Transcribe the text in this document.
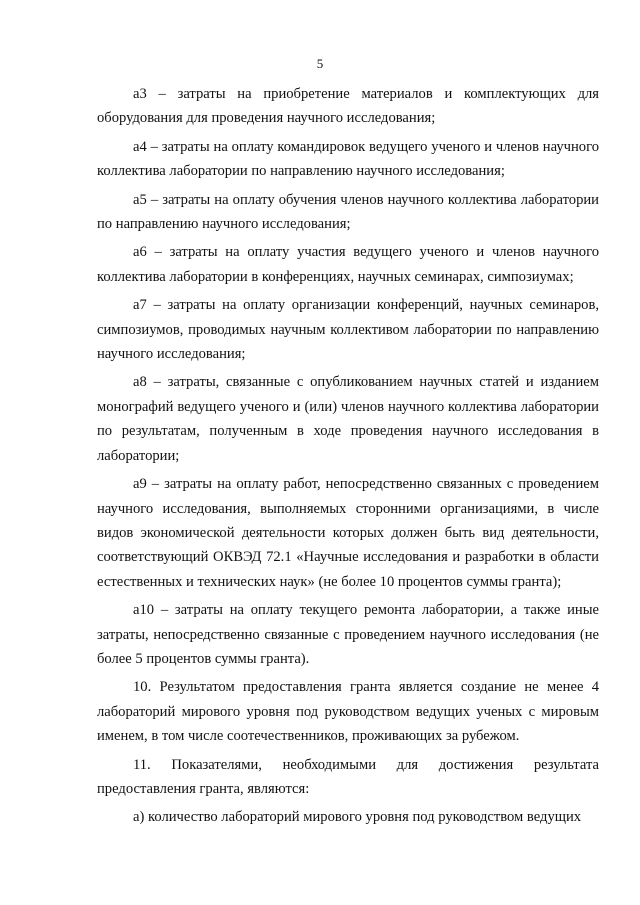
5

а3 – затраты на приобретение материалов и комплектующих для оборудования для проведения научного исследования;

а4 – затраты на оплату командировок ведущего ученого и членов научного коллектива лаборатории по направлению научного исследования;

а5 – затраты на оплату обучения членов научного коллектива лаборатории по направлению научного исследования;

а6 – затраты на оплату участия ведущего ученого и членов научного коллектива лаборатории в конференциях, научных семинарах, симпозиумах;

а7 – затраты на оплату организации конференций, научных семинаров, симпозиумов, проводимых научным коллективом лаборатории по направлению научного исследования;

а8 – затраты, связанные с опубликованием научных статей и изданием монографий ведущего ученого и (или) членов научного коллектива лаборатории по результатам, полученным в ходе проведения научного исследования в лаборатории;

а9 – затраты на оплату работ, непосредственно связанных с проведением научного исследования, выполняемых сторонними организациями, в числе видов экономической деятельности которых должен быть вид деятельности, соответствующий ОКВЭД 72.1 «Научные исследования и разработки в области естественных и технических наук» (не более 10 процентов суммы гранта);

а10 – затраты на оплату текущего ремонта лаборатории, а также иные затраты, непосредственно связанные с проведением научного исследования (не более 5 процентов суммы гранта).

10. Результатом предоставления гранта является создание не менее 4 лабораторий мирового уровня под руководством ведущих ученых с мировым именем, в том числе соотечественников, проживающих за рубежом.

11. Показателями, необходимыми для достижения результата предоставления гранта, являются:

а) количество лабораторий мирового уровня под руководством ведущих
